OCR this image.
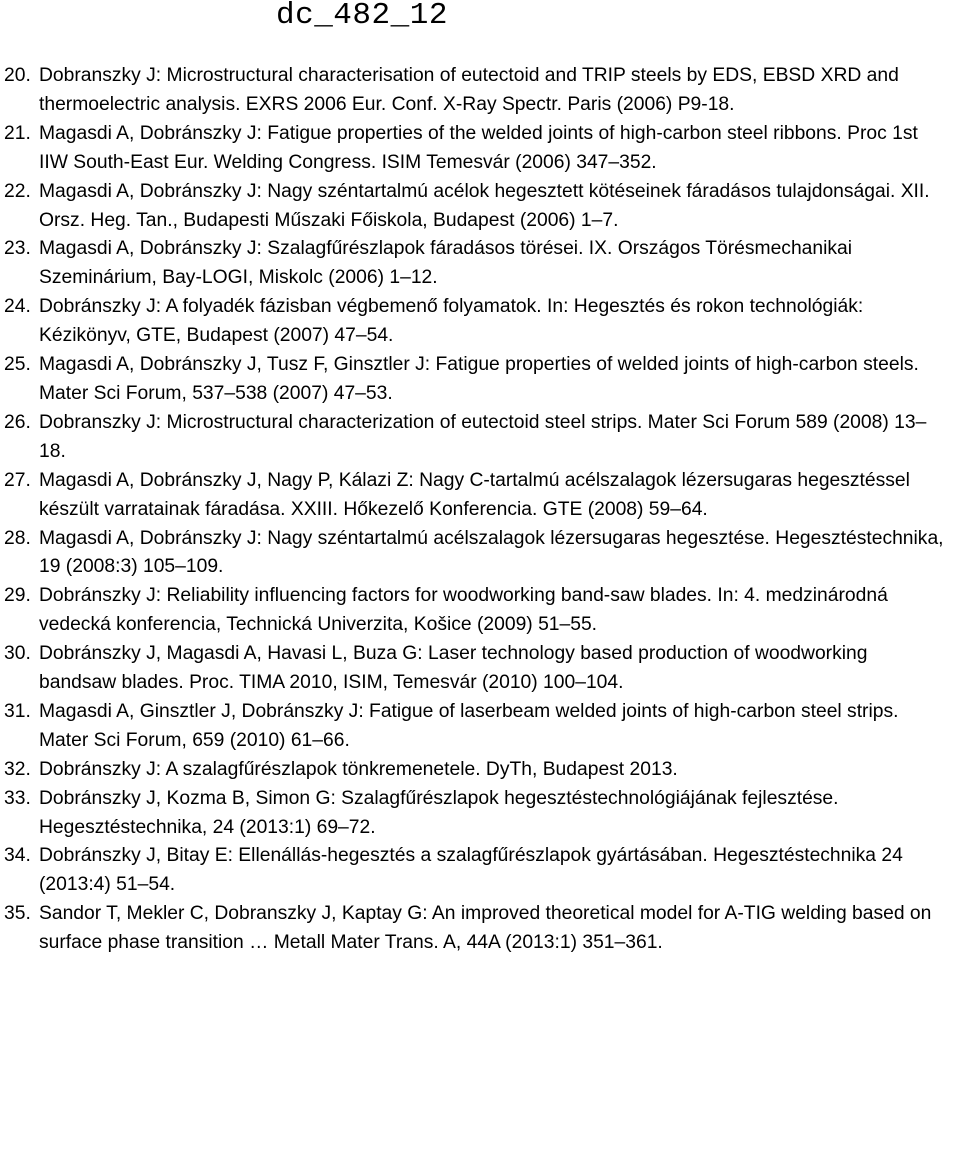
dc_482_12
20. Dobranszky J: Microstructural characterisation of eutectoid and TRIP steels by EDS, EBSD XRD and thermoelectric analysis. EXRS 2006 Eur. Conf. X-Ray Spectr. Paris (2006) P9-18.
21. Magasdi A, Dobránszky J: Fatigue properties of the welded joints of high-carbon steel ribbons. Proc 1st IIW South-East Eur. Welding Congress. ISIM Temesvár (2006) 347–352.
22. Magasdi A, Dobránszky J: Nagy széntartalmú acélok hegesztett kötéseinek fáradásos tulajdonságai. XII. Orsz. Heg. Tan., Budapesti Műszaki Főiskola, Budapest (2006) 1–7.
23. Magasdi A, Dobránszky J: Szalagfűrészlapok fáradásos törései. IX. Országos Törésmechanikai Szeminárium, Bay-LOGI, Miskolc (2006) 1–12.
24. Dobránszky J: A folyadék fázisban végbemenő folyamatok. In: Hegesztés és rokon technológiák: Kézikönyv, GTE, Budapest (2007) 47–54.
25. Magasdi A, Dobránszky J, Tusz F, Ginsztler J: Fatigue properties of welded joints of high-carbon steels. Mater Sci Forum, 537–538 (2007) 47–53.
26. Dobranszky J: Microstructural characterization of eutectoid steel strips. Mater Sci Forum 589 (2008) 13–18.
27. Magasdi A, Dobránszky J, Nagy P, Kálazi Z: Nagy C-tartalmú acélszalagok lézersugaras hegesztéssel készült varratainak fáradása. XXIII. Hőkezelő Konferencia. GTE (2008) 59–64.
28. Magasdi A, Dobránszky J: Nagy széntartalmú acélszalagok lézersugaras hegesztése. Hegesztéstechnika, 19 (2008:3) 105–109.
29. Dobránszky J: Reliability influencing factors for woodworking band-saw blades. In: 4. medzinárodná vedecká konferencia, Technická Univerzita, Košice (2009) 51–55.
30. Dobránszky J, Magasdi A, Havasi L, Buza G: Laser technology based production of woodworking bandsaw blades. Proc. TIMA 2010, ISIM, Temesvár (2010) 100–104.
31. Magasdi A, Ginsztler J, Dobránszky J: Fatigue of laserbeam welded joints of high-carbon steel strips. Mater Sci Forum, 659 (2010) 61–66.
32. Dobránszky J: A szalagfűrészlapok tönkremenetele. DyTh, Budapest 2013.
33. Dobránszky J, Kozma B, Simon G: Szalagfűrészlapok hegesztéstechnológiájának fejlesztése. Hegesztéstechnika, 24 (2013:1) 69–72.
34. Dobránszky J, Bitay E: Ellenállás-hegesztés a szalagfűrészlapok gyártásában. Hegesztéstechnika 24 (2013:4) 51–54.
35. Sandor T, Mekler C, Dobranszky J, Kaptay G: An improved theoretical model for A-TIG welding based on surface phase transition … Metall Mater Trans. A, 44A (2013:1) 351–361.
